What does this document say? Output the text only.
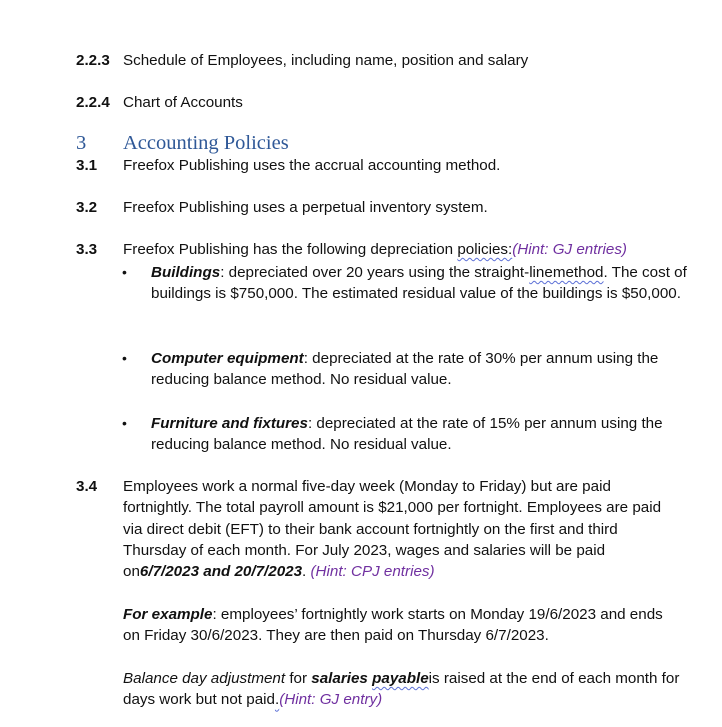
2.2.3 Schedule of Employees, including name, position and salary
2.2.4 Chart of Accounts
3 Accounting Policies
3.1 Freefox Publishing uses the accrual accounting method.
3.2 Freefox Publishing uses a perpetual inventory system.
3.3 Freefox Publishing has the following depreciation policies:(Hint: GJ entries)
• Buildings: depreciated over 20 years using the straight-linemethod. The cost of buildings is $750,000. The estimated residual value of the buildings is $50,000.
• Computer equipment: depreciated at the rate of 30% per annum using the reducing balance method. No residual value.
• Furniture and fixtures: depreciated at the rate of 15% per annum using the reducing balance method. No residual value.
3.4 Employees work a normal five-day week (Monday to Friday) but are paid fortnightly. The total payroll amount is $21,000 per fortnight. Employees are paid via direct debit (EFT) to their bank account fortnightly on the first and third Thursday of each month. For July 2023, wages and salaries will be paid on6/7/2023 and 20/7/2023. (Hint: CPJ entries)
For example: employees’ fortnightly work starts on Monday 19/6/2023 and ends on Friday 30/6/2023. They are then paid on Thursday 6/7/2023.
Balance day adjustment for salaries payableis raised at the end of each month for days work but not paid.(Hint: GJ entry)
